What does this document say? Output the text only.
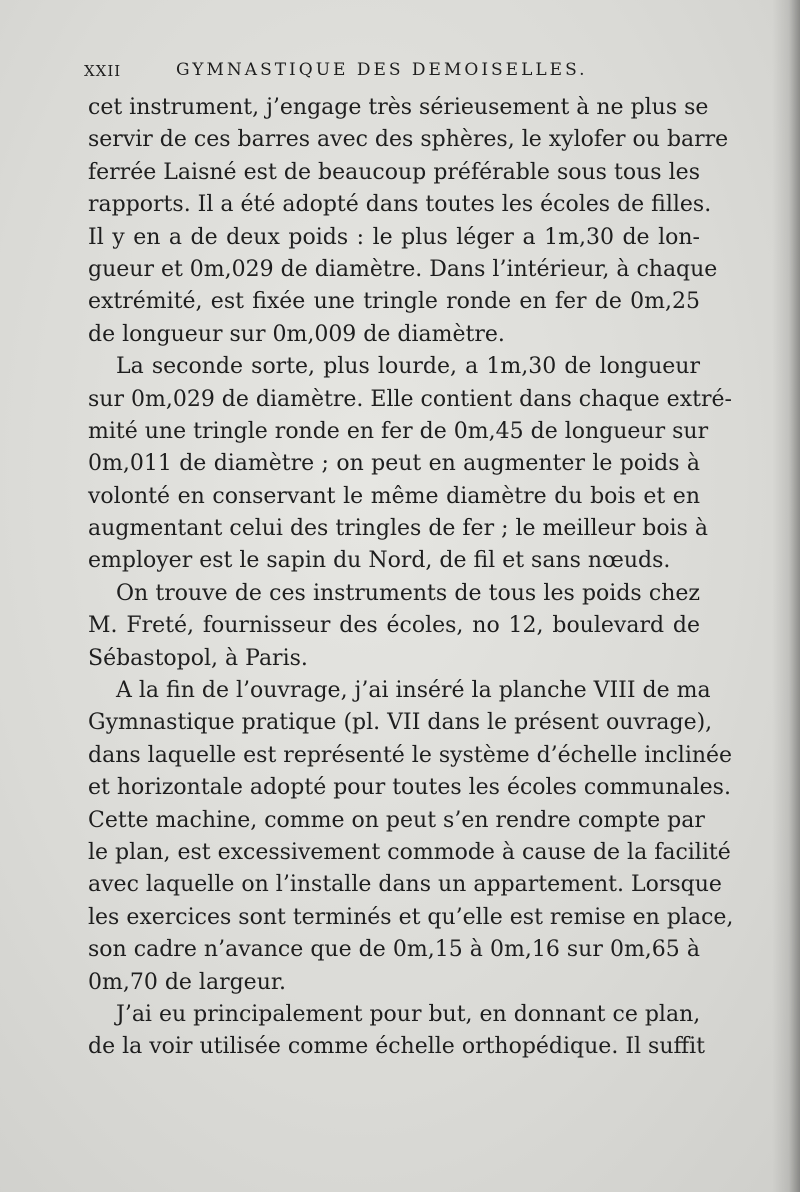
XXII	GYMNASTIQUE DES DEMOISELLES.
cet instrument, j’engage très sérieusement à ne plus se
servir de ces barres avec des sphères, le xylofer ou barre
ferrée Laisné est de beaucoup préférable sous tous les
rapports. Il a été adopté dans toutes les écoles de filles.
Il y en a de deux poids : le plus léger a 1m,30 de lon-
gueur et 0m,029 de diamètre. Dans l’intérieur, à chaque
extrémité, est fixée une tringle ronde en fer de 0m,25
de longueur sur 0m,009 de diamètre.
La seconde sorte, plus lourde, a 1m,30 de longueur
sur 0m,029 de diamètre. Elle contient dans chaque extré-
mité une tringle ronde en fer de 0m,45 de longueur sur
0m,011 de diamètre ; on peut en augmenter le poids à
volonté en conservant le même diamètre du bois et en
augmentant celui des tringles de fer ; le meilleur bois à
employer est le sapin du Nord, de fil et sans nœuds.
On trouve de ces instruments de tous les poids chez
M. Freté, fournisseur des écoles, no 12, boulevard de
Sébastopol, à Paris.
A la fin de l’ouvrage, j’ai inséré la planche VIII de ma
Gymnastique pratique (pl. VII dans le présent ouvrage),
dans laquelle est représenté le système d’échelle inclinée
et horizontale adopté pour toutes les écoles communales.
Cette machine, comme on peut s’en rendre compte par
le plan, est excessivement commode à cause de la facilité
avec laquelle on l’installe dans un appartement. Lorsque
les exercices sont terminés et qu’elle est remise en place,
son cadre n’avance que de 0m,15 à 0m,16 sur 0m,65 à
0m,70 de largeur.
J’ai eu principalement pour but, en donnant ce plan,
de la voir utilisée comme échelle orthopédique. Il suffit
